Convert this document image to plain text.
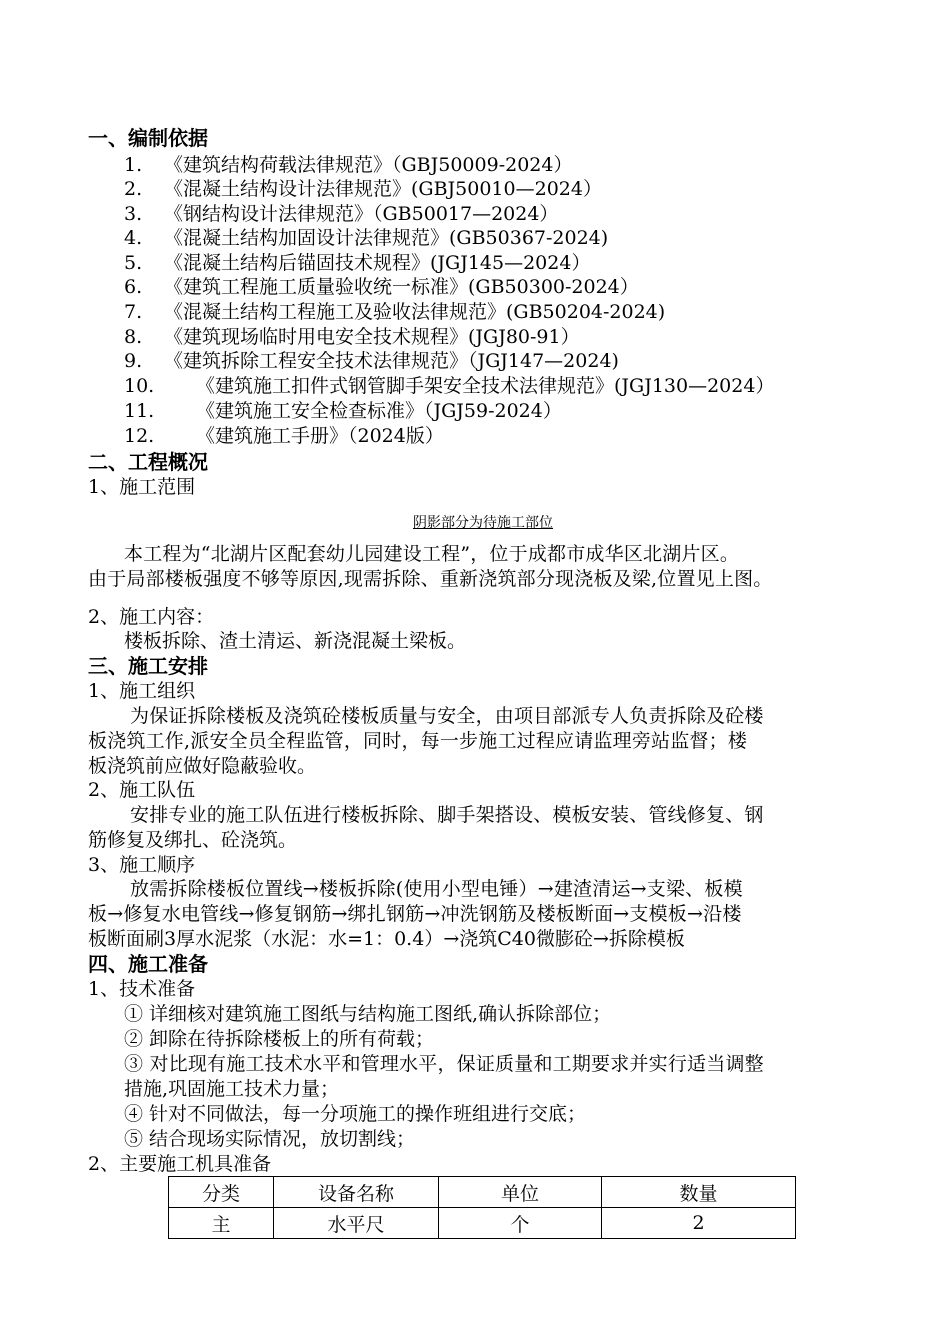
一、编制依据
1. 《建筑结构荷载法律规范》（GBJ50009-2024）
2. 《混凝土结构设计法律规范》(GBJ50010—2024）
3. 《钢结构设计法律规范》（GB50017—2024）
4. 《混凝土结构加固设计法律规范》(GB50367-2024)
5. 《混凝土结构后锚固技术规程》(JGJ145—2024）
6. 《建筑工程施工质量验收统一标准》(GB50300-2024）
7. 《混凝土结构工程施工及验收法律规范》(GB50204-2024)
8. 《建筑现场临时用电安全技术规程》(JGJ80-91）
9. 《建筑拆除工程安全技术法律规范》（JGJ147—2024)
10. 《建筑施工扣件式钢管脚手架安全技术法律规范》(JGJ130—2024）
11. 《建筑施工安全检查标准》（JGJ59-2024）
12. 《建筑施工手册》（2024版）
二、工程概况
1、施工范围
阴影部分为待施工部位
本工程为“北湖片区配套幼儿园建设工程”，位于成都市成华区北湖片区。
由于局部楼板强度不够等原因,现需拆除、重新浇筑部分现浇板及梁,位置见上图。
2、施工内容：
楼板拆除、渣土清运、新浇混凝土梁板。
三、施工安排
1、施工组织
为保证拆除楼板及浇筑砼楼板质量与安全，由项目部派专人负责拆除及砼楼
板浇筑工作,派安全员全程监管，同时，每一步施工过程应请监理旁站监督；楼
板浇筑前应做好隐蔽验收。
2、施工队伍
安排专业的施工队伍进行楼板拆除、脚手架搭设、模板安装、管线修复、钢
筋修复及绑扎、砼浇筑。
3、施工顺序
放需拆除楼板位置线→楼板拆除(使用小型电锤）→建渣清运→支梁、板模
板→修复水电管线→修复钢筋→绑扎钢筋→冲洗钢筋及楼板断面→支模板→沿楼
板断面刷3厚水泥浆（水泥：水=1：0.4）→浇筑C40微膨砼→拆除模板
四、施工准备
1、技术准备
① 详细核对建筑施工图纸与结构施工图纸,确认拆除部位；
② 卸除在待拆除楼板上的所有荷载；
③ 对比现有施工技术水平和管理水平，保证质量和工期要求并实行适当调整
措施,巩固施工技术力量；
④ 针对不同做法，每一分项施工的操作班组进行交底；
⑤ 结合现场实际情况，放切割线；
2、主要施工机具准备
分类	设备名称	单位	数量
主	水平尺	个	2
